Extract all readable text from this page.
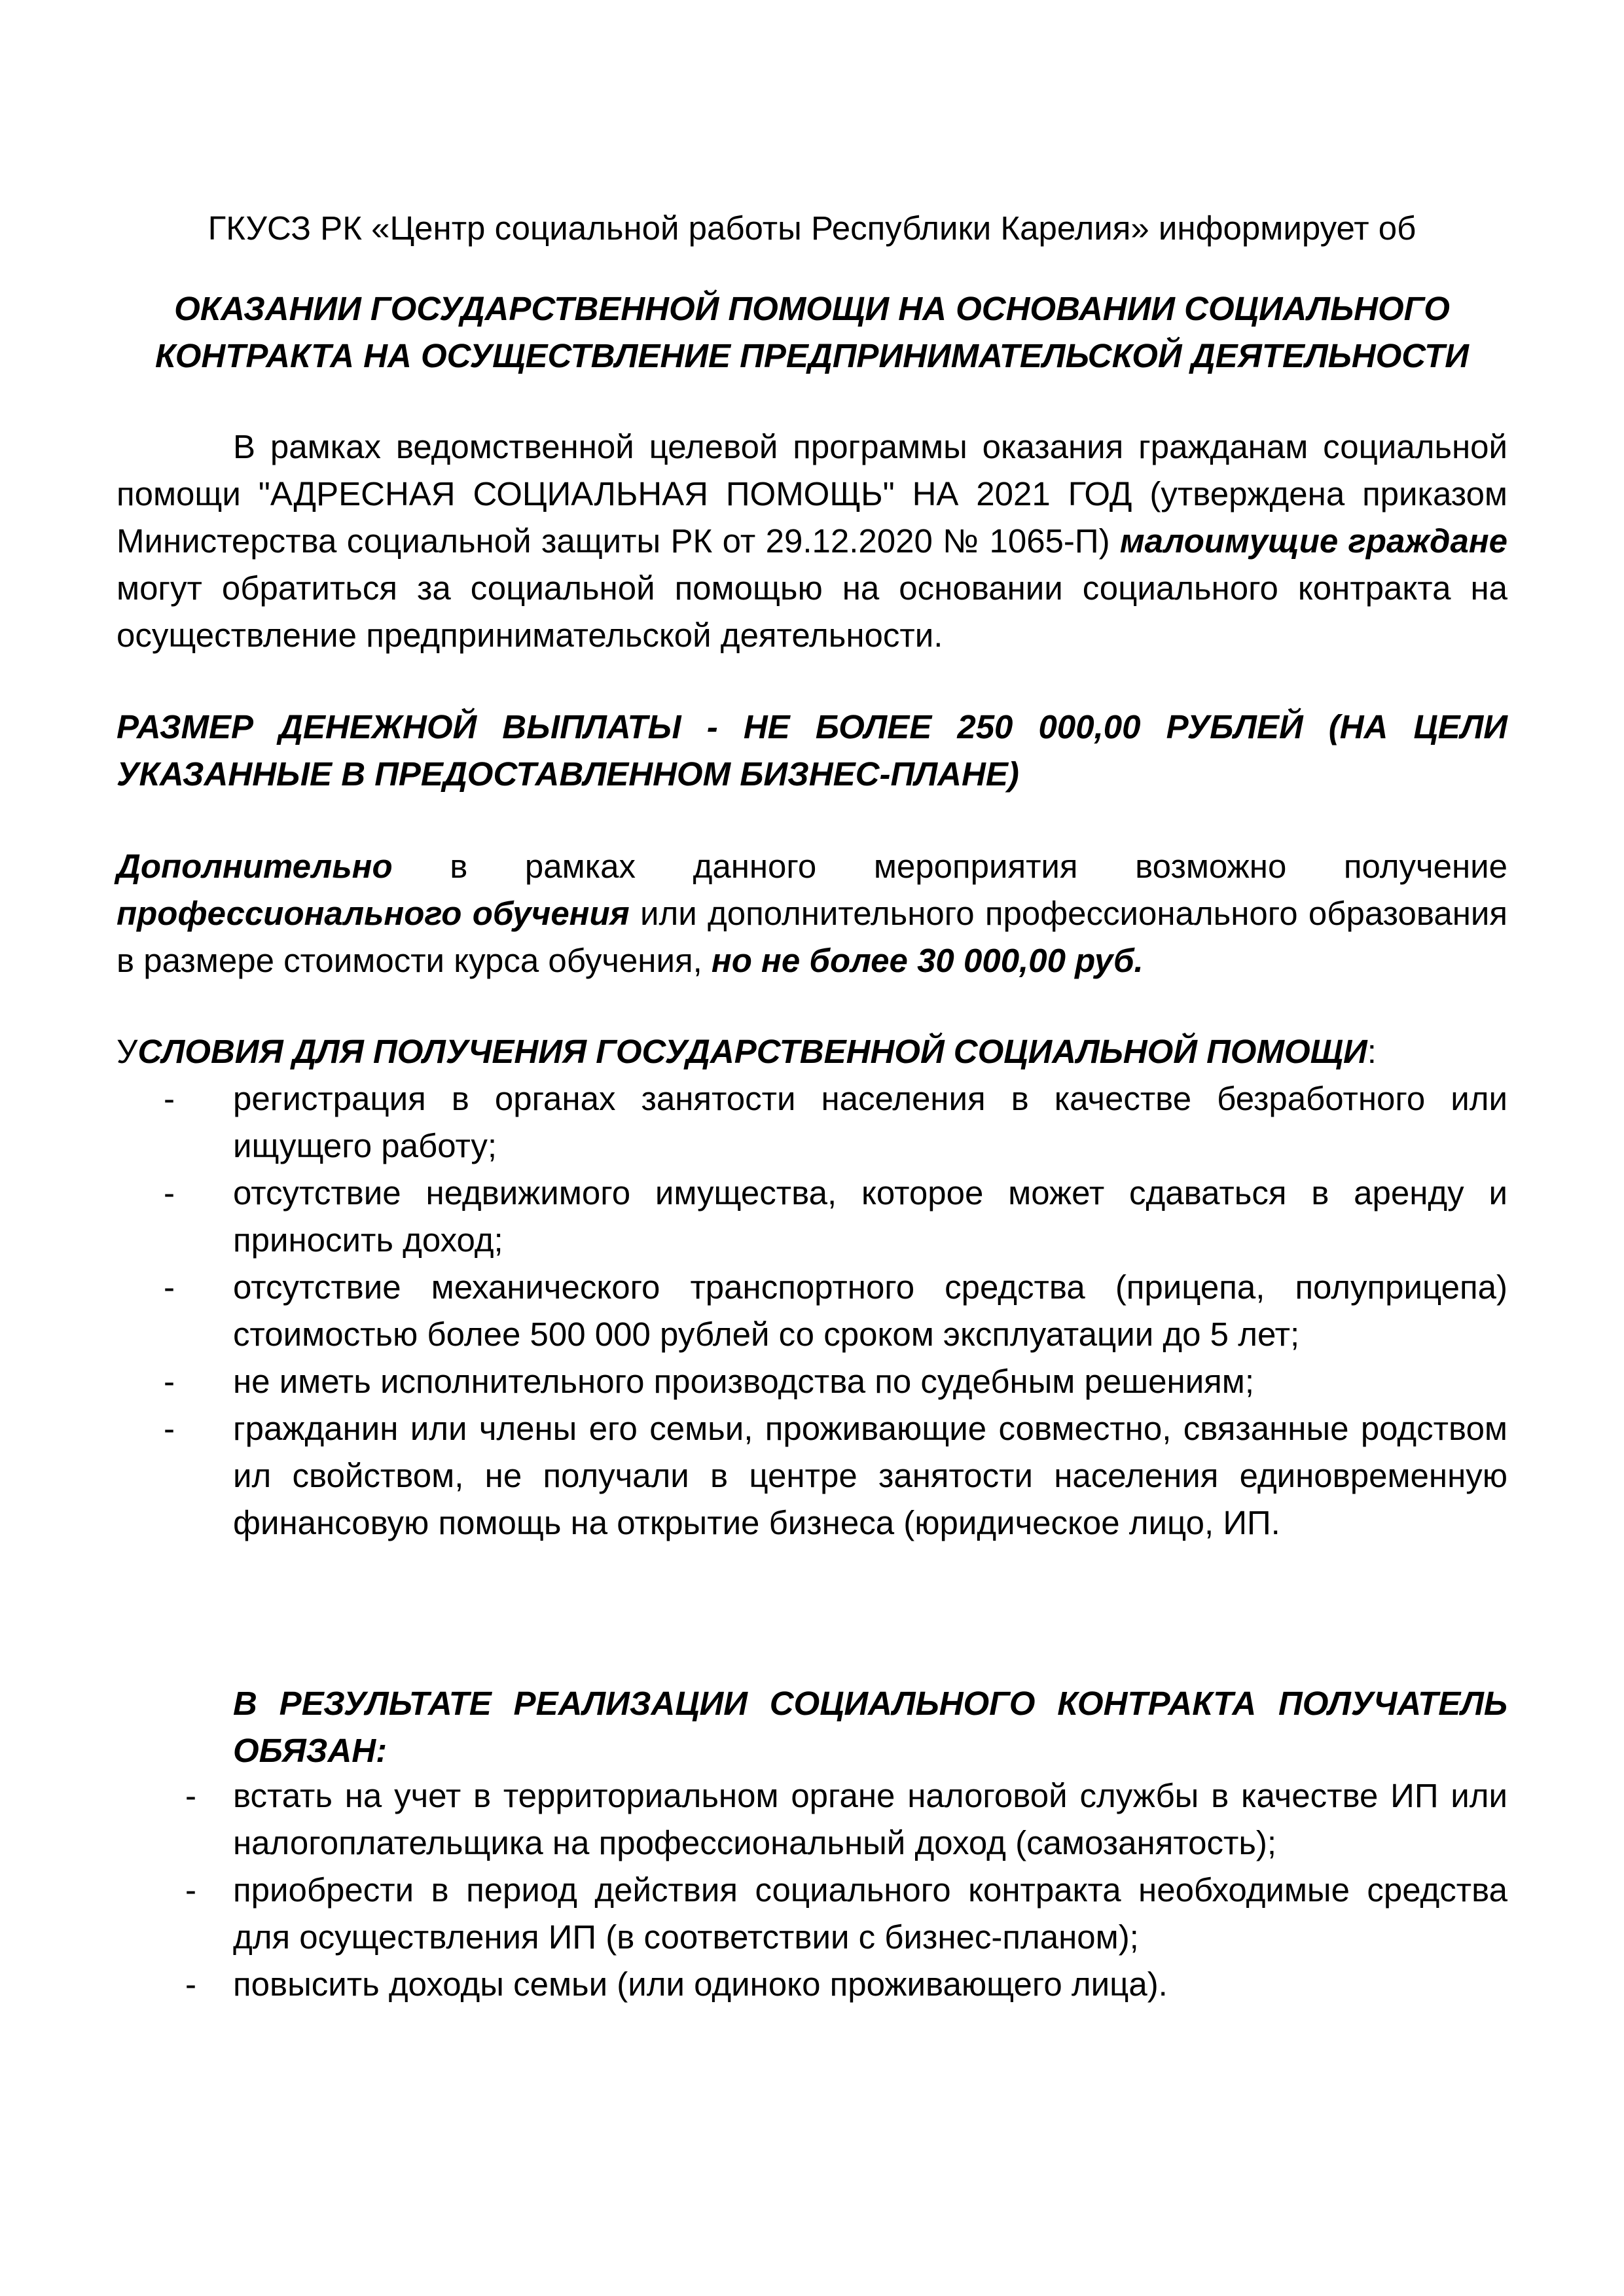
ГКУСЗ РК «Центр социальной работы Республики Карелия» информирует об

ОКАЗАНИИ ГОСУДАРСТВЕННОЙ ПОМОЩИ НА ОСНОВАНИИ СОЦИАЛЬНОГО
КОНТРАКТА НА ОСУЩЕСТВЛЕНИЕ ПРЕДПРИНИМАТЕЛЬСКОЙ ДЕЯТЕЛЬНОСТИ

В рамках ведомственной целевой программы оказания гражданам социальной помощи "АДРЕСНАЯ СОЦИАЛЬНАЯ ПОМОЩЬ" НА 2021 ГОД (утверждена приказом Министерства социальной защиты РК от 29.12.2020 № 1065-П) малоимущие граждане могут обратиться за социальной помощью на основании социального контракта на осуществление предпринимательской деятельности.

РАЗМЕР ДЕНЕЖНОЙ ВЫПЛАТЫ - НЕ БОЛЕЕ 250 000,00 РУБЛЕЙ (НА ЦЕЛИ УКАЗАННЫЕ В ПРЕДОСТАВЛЕННОМ БИЗНЕС-ПЛАНЕ)

Дополнительно в рамках данного мероприятия возможно получение профессионального обучения или дополнительного профессионального образования в размере стоимости курса обучения, но не более 30 000,00 руб.

УСЛОВИЯ ДЛЯ ПОЛУЧЕНИЯ ГОСУДАРСТВЕННОЙ СОЦИАЛЬНОЙ ПОМОЩИ:

- регистрация в органах занятости населения в качестве безработного или ищущего работу;
- отсутствие недвижимого имущества, которое может сдаваться в аренду и приносить доход;
- отсутствие механического транспортного средства (прицепа, полуприцепа) стоимостью более 500 000 рублей со сроком эксплуатации до 5 лет;
- не иметь исполнительного производства по судебным решениям;
- гражданин или члены его семьи, проживающие совместно, связанные родством ил свойством, не получали в центре занятости населения единовременную финансовую помощь на открытие бизнеса (юридическое лицо, ИП.

В РЕЗУЛЬТАТЕ РЕАЛИЗАЦИИ СОЦИАЛЬНОГО КОНТРАКТА ПОЛУЧАТЕЛЬ ОБЯЗАН:

- встать на учет в территориальном органе налоговой службы в качестве ИП или налогоплательщика на профессиональный доход (самозанятость);
- приобрести в период действия социального контракта необходимые средства для осуществления ИП (в соответствии с бизнес-планом);
- повысить доходы семьи (или одиноко проживающего лица).
